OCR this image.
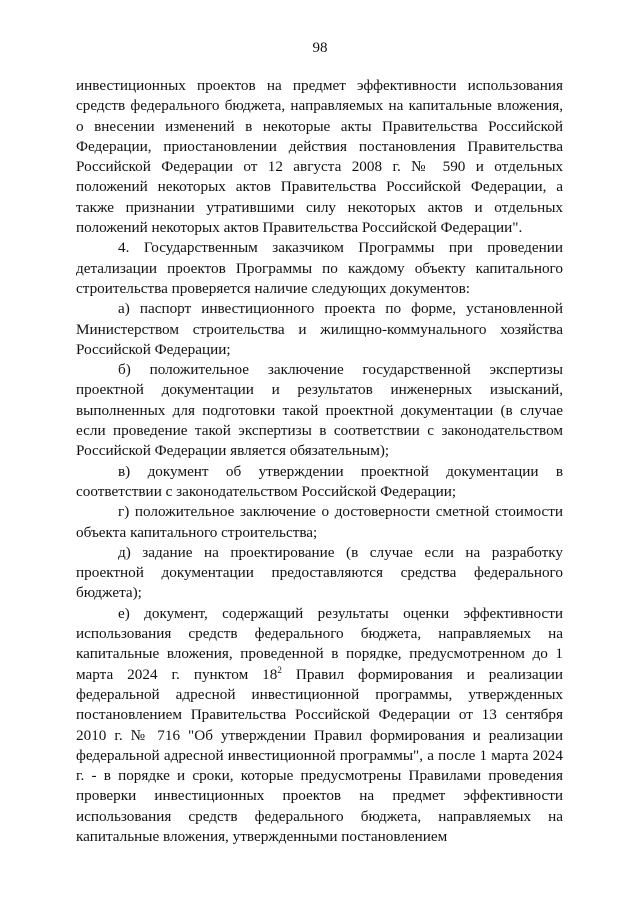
98

инвестиционных проектов на предмет эффективности использования средств федерального бюджета, направляемых на капитальные вложения, о внесении изменений в некоторые акты Правительства Российской Федерации, приостановлении действия постановления Правительства Российской Федерации от 12 августа 2008 г. № 590 и отдельных положений некоторых актов Правительства Российской Федерации, а также признании утратившими силу некоторых актов и отдельных положений некоторых актов Правительства Российской Федерации".

4. Государственным заказчиком Программы при проведении детализации проектов Программы по каждому объекту капитального строительства проверяется наличие следующих документов:

а) паспорт инвестиционного проекта по форме, установленной Министерством строительства и жилищно-коммунального хозяйства Российской Федерации;

б) положительное заключение государственной экспертизы проектной документации и результатов инженерных изысканий, выполненных для подготовки такой проектной документации (в случае если проведение такой экспертизы в соответствии с законодательством Российской Федерации является обязательным);

в) документ об утверждении проектной документации в соответствии с законодательством Российской Федерации;

г) положительное заключение о достоверности сметной стоимости объекта капитального строительства;

д) задание на проектирование (в случае если на разработку проектной документации предоставляются средства федерального бюджета);

е) документ, содержащий результаты оценки эффективности использования средств федерального бюджета, направляемых на капитальные вложения, проведенной в порядке, предусмотренном до 1 марта 2024 г. пунктом $18^2$ Правил формирования и реализации федеральной адресной инвестиционной программы, утвержденных постановлением Правительства Российской Федерации от 13 сентября 2010 г. № 716 "Об утверждении Правил формирования и реализации федеральной адресной инвестиционной программы", а после 1 марта 2024 г. - в порядке и сроки, которые предусмотрены Правилами проведения проверки инвестиционных проектов на предмет эффективности использования средств федерального бюджета, направляемых на капитальные вложения, утвержденными постановлением
